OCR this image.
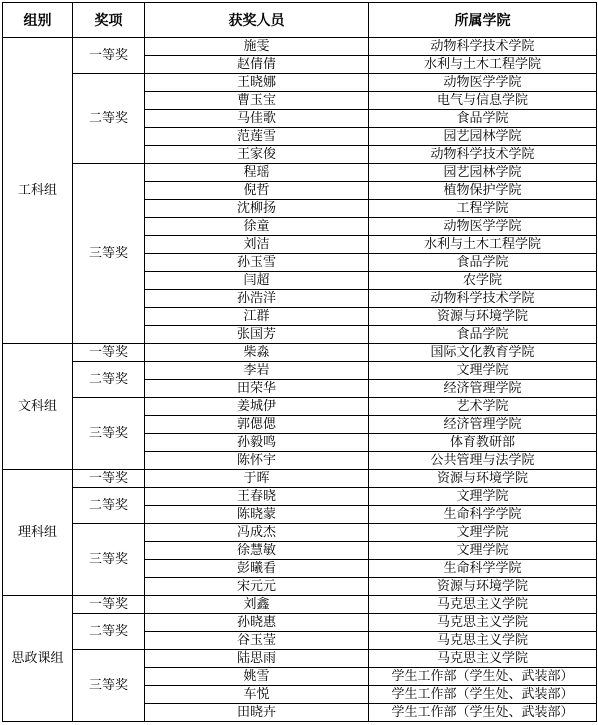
组别	奖项	获奖人员	所属学院
工科组	一等奖	施雯	动物科学技术学院
		赵倩倩	水利与土木工程学院
	二等奖	王晓娜	动物医学学院
		曹玉宝	电气与信息学院
		马佳歌	食品学院
		范莲雪	园艺园林学院
		王家俊	动物科学技术学院
	三等奖	程瑶	园艺园林学院
		倪哲	植物保护学院
		沈柳扬	工程学院
		徐童	动物医学学院
		刘洁	水利与土木工程学院
		孙玉雪	食品学院
		闫超	农学院
		孙浩洋	动物科学技术学院
		江群	资源与环境学院
		张国芳	食品学院
文科组	一等奖	柴淼	国际文化教育学院
	二等奖	李岩	文理学院
		田荣华	经济管理学院
	三等奖	姜城伊	艺术学院
		郭偲偲	经济管理学院
		孙毅鸣	体育教研部
		陈怀宇	公共管理与法学院
理科组	一等奖	于晖	资源与环境学院
	二等奖	王春晓	文理学院
		陈晓蒙	生命科学学院
	三等奖	冯成杰	文理学院
		徐慧敏	文理学院
		彭曦看	生命科学学院
		宋元元	资源与环境学院
思政课组	一等奖	刘鑫	马克思主义学院
	二等奖	孙晓惠	马克思主义学院
		谷玉莹	马克思主义学院
	三等奖	陆思雨	马克思主义学院
		姚雪	学生工作部（学生处、武装部）
		车悦	学生工作部（学生处、武装部）
		田晓卉	学生工作部（学生处、武装部）
